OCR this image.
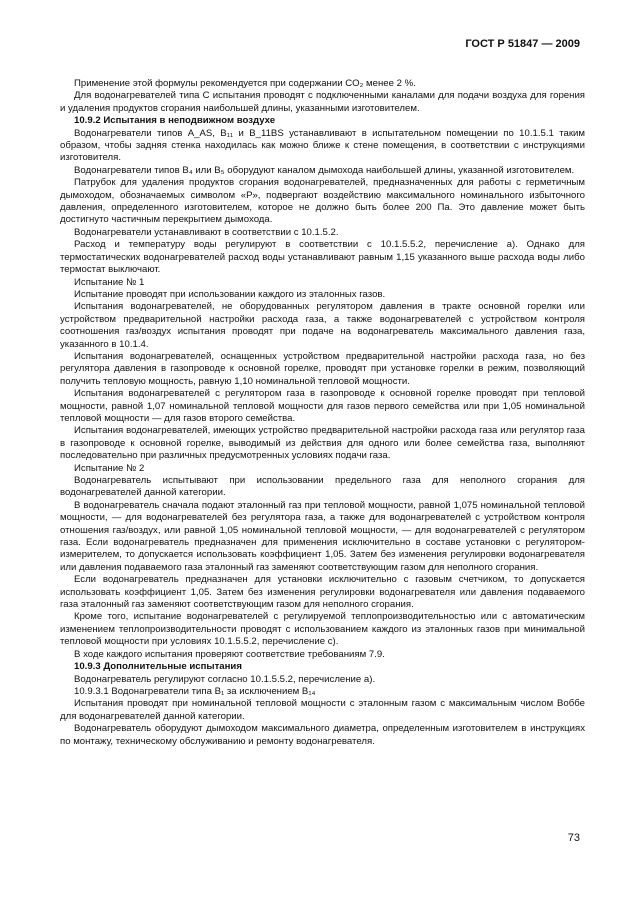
ГОСТ Р 51847 — 2009

Применение этой формулы рекомендуется при содержании CO₂ менее 2 %.

Для водонагревателей типа С испытания проводят с подключенными каналами для подачи воздуха для горения и удаления продуктов сгорания наибольшей длины, указанными изготовителем.

10.9.2 Испытания в неподвижном воздухе

Водонагреватели типов A_AS, B₁₁ и B_11BS устанавливают в испытательном помещении по 10.1.5.1 таким образом, чтобы задняя стенка находилась как можно ближе к стене помещения, в соответствии с инструкциями изготовителя.

Водонагреватели типов B₄ или B₅ оборудуют каналом дымохода наибольшей длины, указанной изготовителем.

Патрубок для удаления продуктов сгорания водонагревателей, предназначенных для работы с герметичным дымоходом, обозначаемых символом «P», подвергают воздействию максимального номинального избыточного давления, определенного изготовителем, которое не должно быть более 200 Па. Это давление может быть достигнуто частичным перекрытием дымохода.

Водонагреватели устанавливают в соответствии с 10.1.5.2.

Расход и температуру воды регулируют в соответствии с 10.1.5.5.2, перечисление а). Однако для термостатических водонагревателей расход воды устанавливают равным 1,15 указанного выше расхода воды либо термостат выключают.

Испытание № 1

Испытание проводят при использовании каждого из эталонных газов.

Испытания водонагревателей, не оборудованных регулятором давления в тракте основной горелки или устройством предварительной настройки расхода газа, а также водонагревателей с устройством контроля соотношения газ/воздух испытания проводят при подаче на водонагреватель максимального давления газа, указанного в 10.1.4.

Испытания водонагревателей, оснащенных устройством предварительной настройки расхода газа, но без регулятора давления в газопроводе к основной горелке, проводят при установке горелки в режим, позволяющий получить тепловую мощность, равную 1,10 номинальной тепловой мощности.

Испытания водонагревателей с регулятором газа в газопроводе к основной горелке проводят при тепловой мощности, равной 1,07 номинальной тепловой мощности для газов первого семейства или при 1,05 номинальной тепловой мощности — для газов второго семейства.

Испытания водонагревателей, имеющих устройство предварительной настройки расхода газа или регулятор газа в газопроводе к основной горелке, выводимый из действия для одного или более семейства газа, выполняют последовательно при различных предусмотренных условиях подачи газа.

Испытание № 2

Водонагреватель испытывают при использовании предельного газа для неполного сгорания для водонагревателей данной категории.

В водонагреватель сначала подают эталонный газ при тепловой мощности, равной 1,075 номинальной тепловой мощности, — для водонагревателей без регулятора газа, а также для водонагревателей с устройством контроля отношения газ/воздух, или равной 1,05 номинальной тепловой мощности, — для водонагревателей с регулятором газа. Если водонагреватель предназначен для применения исключительно в составе установки с регулятором-измерителем, то допускается использовать коэффициент 1,05. Затем без изменения регулировки водонагревателя или давления подаваемого газа эталонный газ заменяют соответствующим газом для неполного сгорания.

Если водонагреватель предназначен для установки исключительно с газовым счетчиком, то допускается использовать коэффициент 1,05. Затем без изменения регулировки водонагревателя или давления подаваемого газа эталонный газ заменяют соответствующим газом для неполного сгорания.

Кроме того, испытание водонагревателей с регулируемой теплопроизводительностью или с автоматическим изменением теплопроизводительности проводят с использованием каждого из эталонных газов при минимальной тепловой мощности при условиях 10.1.5.5.2, перечисление с).

В ходе каждого испытания проверяют соответствие требованиям 7.9.

10.9.3 Дополнительные испытания

Водонагреватель регулируют согласно 10.1.5.5.2, перечисление а).

10.9.3.1 Водонагреватели типа B₁ за исключением B₁₄

Испытания проводят при номинальной тепловой мощности с эталонным газом с максимальным числом Воббе для водонагревателей данной категории.

Водонагреватель оборудуют дымоходом максимального диаметра, определенным изготовителем в инструкциях по монтажу, техническому обслуживанию и ремонту водонагревателя.

73
